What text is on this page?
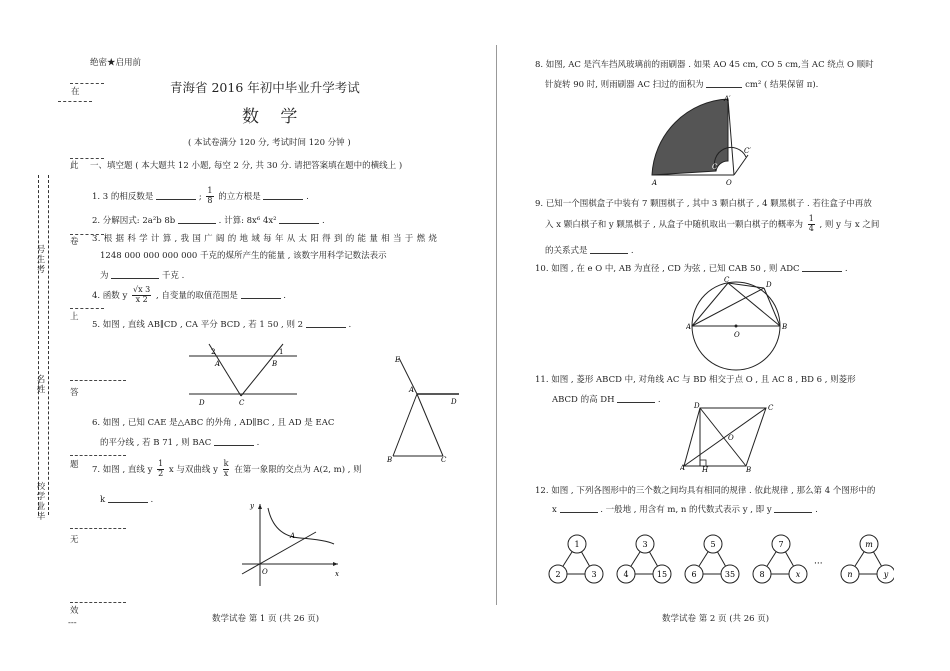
绝密★启用前
在
此
卷
上
答
题
无
效
---
号生考
名姓
校学业毕
青海省 2016 年初中毕业升学考试
数 学
( 本试卷满分 120 分, 考试时间 120 分钟 )
一、填空题 ( 本大题共 12 小题, 每空 2 分, 共 30 分. 请把答案填在题中的横线上 )
1. 3 的相反数是	; $\frac{1}{8}$ 的立方根是	.
2. 分解因式: 2a²b 8b	. 计算: 8x⁶ 4x²	.
3. 根 据 科 学 计 算 , 我 国 广 阔 的 地 域 每 年 从 太 阳 得 到 的 能 量 相 当 于 燃 烧
1248 000 000 000 000 千克的煤所产生的能量 , 该数字用科学记数法表示
为	千克 .
4. 函数 y $\frac{√x 3}{x 2}$ , 自变量的取值范围是	.
5. 如图 , 直线 AB∥CD , CA 平分 BCD , 若 1 50 , 则 2	.
2	1
A	B
C
D
E
A
D
B	C
6. 如图 , 已知 CAE 是△ABC 的外角 , AD∥BC , 且 AD 是 EAC
的平分线 , 若 B 71 , 则 BAC	.
7. 如图 , 直线 y $\frac{1}{2}$ x 与双曲线 y $\frac{k}{x}$ 在第一象限的交点为 A(2, m) , 则
k	.
y
x
A
O
数学试卷 第 1 页 (共 26 页)
8. 如图, AC 是汽车挡风玻璃前的雨刷器 . 如果 AO 45 cm, CO 5 cm,当 AC 绕点 O 顺时
针旋转 90 时, 则雨刷器 AC 扫过的面积为	cm² ( 结果保留 π).
A
A′
C
C′
O
9. 已知一个围棋盒子中装有 7 颗围棋子 , 其中 3 颗白棋子 , 4 颗黑棋子 . 若往盒子中再放
入 x 颗白棋子和 y 颗黑棋子 , 从盒子中随机取出一颗白棋子的概率为 $\frac{1}{4}$ , 则 y 与 x 之间
的关系式是	.
10. 如图 , 在 e O 中, AB 为直径 , CD 为弦 , 已知 CAB 50 , 则 ADC	.
A	B
C
D
O
11. 如图 , 菱形 ABCD 中, 对角线 AC 与 BD 相交于点 O , 且 AC 8 , BD 6 , 则菱形
ABCD 的高 DH	.
D	C
A	B
O
H
12. 如图 , 下列各图形中的三个数之间均具有相同的规律 . 依此规律 , 那么第 4 个图形中的
x	. 一般地 , 用含有 m, n 的代数式表示 y , 即 y	.
1
2	3
3
4	15
5
6	35
7
8	x
m
n	y
···
数学试卷 第 2 页 (共 26 页)
